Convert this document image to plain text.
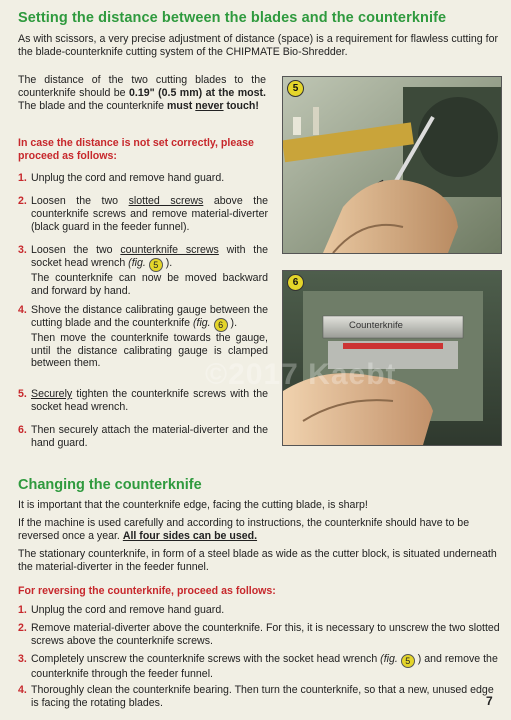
Setting the distance between the blades and the counterknife
As with scissors, a very precise adjustment of distance (space) is a requirement for flawless cutting for the blade-counterknife cutting system of the CHIPMATE Bio-Shredder.
The distance of the two cutting blades to the counterknife should be 0.19" (0.5 mm) at the most. The blade and the counterknife must never touch!
In case the distance is not set correctly, please proceed as follows:
1. Unplug the cord and remove hand guard.
2. Loosen the two slotted screws above the counterknife screws and remove material-diverter (black guard in the feeder funnel).
3. Loosen the two counterknife screws with the socket head wrench (fig. 5 ).
The counterknife can now be moved backward and forward by hand.
4. Shove the distance calibrating gauge between the cutting blade and the counterknife (fig. 6 ).
Then move the counterknife towards the gauge, until the distance calibrating gauge is clamped between them.
5. Securely tighten the counterknife screws with the socket head wrench.
6. Then securely attach the material-diverter and the hand guard.
5
6
Counterknife
©2017 Kaebt
Changing the counterknife
It is important that the counterknife edge, facing the cutting blade, is sharp!
If the machine is used carefully and according to instructions, the counterknife should have to be reversed once a year. All four sides can be used.
The stationary counterknife, in form of a steel blade as wide as the cutter block, is situated underneath the material-diverter in the feeder funnel.
For reversing the counterknife, proceed as follows:
1. Unplug the cord and remove hand guard.
2. Remove material-diverter above the counterknife. For this, it is necessary to unscrew the two slotted screws above the counterknife screws.
3. Completely unscrew the counterknife screws with the socket head wrench (fig. 5 ) and remove the counterknife through the feeder funnel.
4. Thoroughly clean the counterknife bearing. Then turn the counterknife, so that a new, unused edge is facing the rotating blades.	7
